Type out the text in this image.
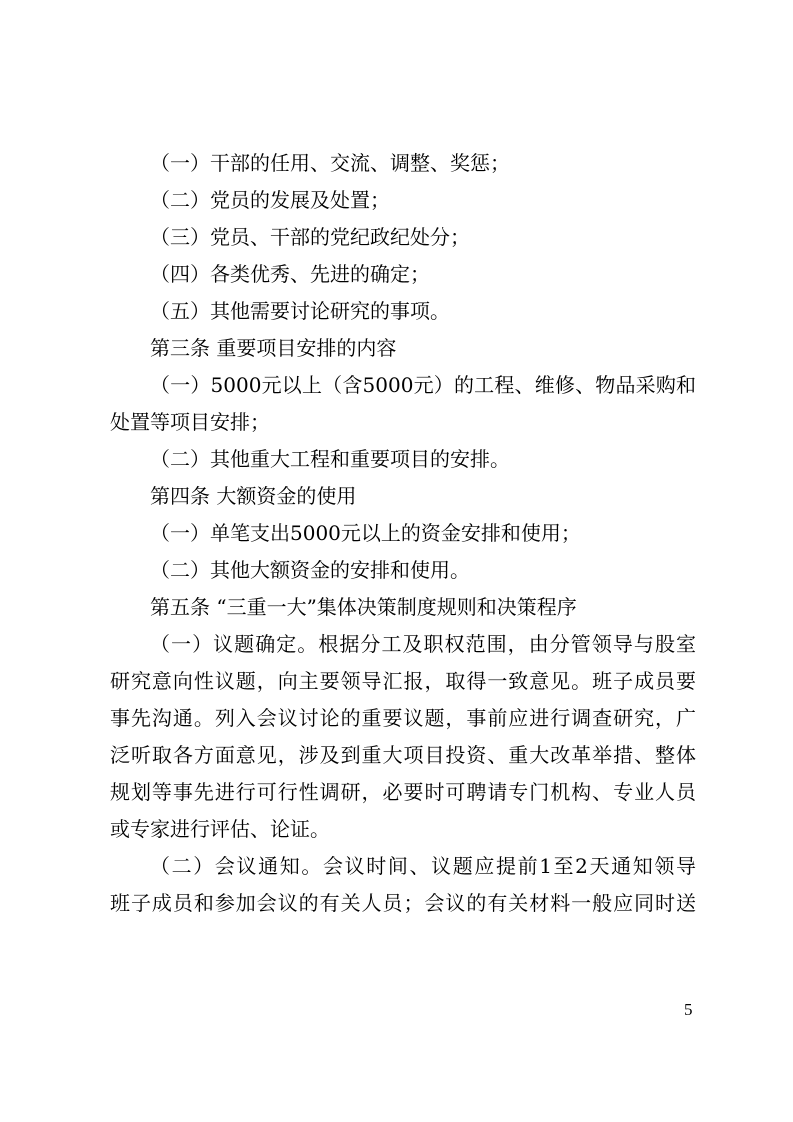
（一）干部的任用、交流、调整、奖惩；
（二）党员的发展及处置；
（三）党员、干部的党纪政纪处分；
（四）各类优秀、先进的确定；
（五）其他需要讨论研究的事项。
第三条 重要项目安排的内容
（一）5000元以上（含5000元）的工程、维修、物品采购和
处置等项目安排；
（二）其他重大工程和重要项目的安排。
第四条 大额资金的使用
（一）单笔支出5000元以上的资金安排和使用；
（二）其他大额资金的安排和使用。
第五条 “三重一大”集体决策制度规则和决策程序
（一）议题确定。根据分工及职权范围，由分管领导与股室
研究意向性议题，向主要领导汇报，取得一致意见。班子成员要
事先沟通。列入会议讨论的重要议题，事前应进行调查研究，广
泛听取各方面意见，涉及到重大项目投资、重大改革举措、整体
规划等事先进行可行性调研，必要时可聘请专门机构、专业人员
或专家进行评估、论证。
（二）会议通知。会议时间、议题应提前1至2天通知领导
班子成员和参加会议的有关人员；会议的有关材料一般应同时送
5
